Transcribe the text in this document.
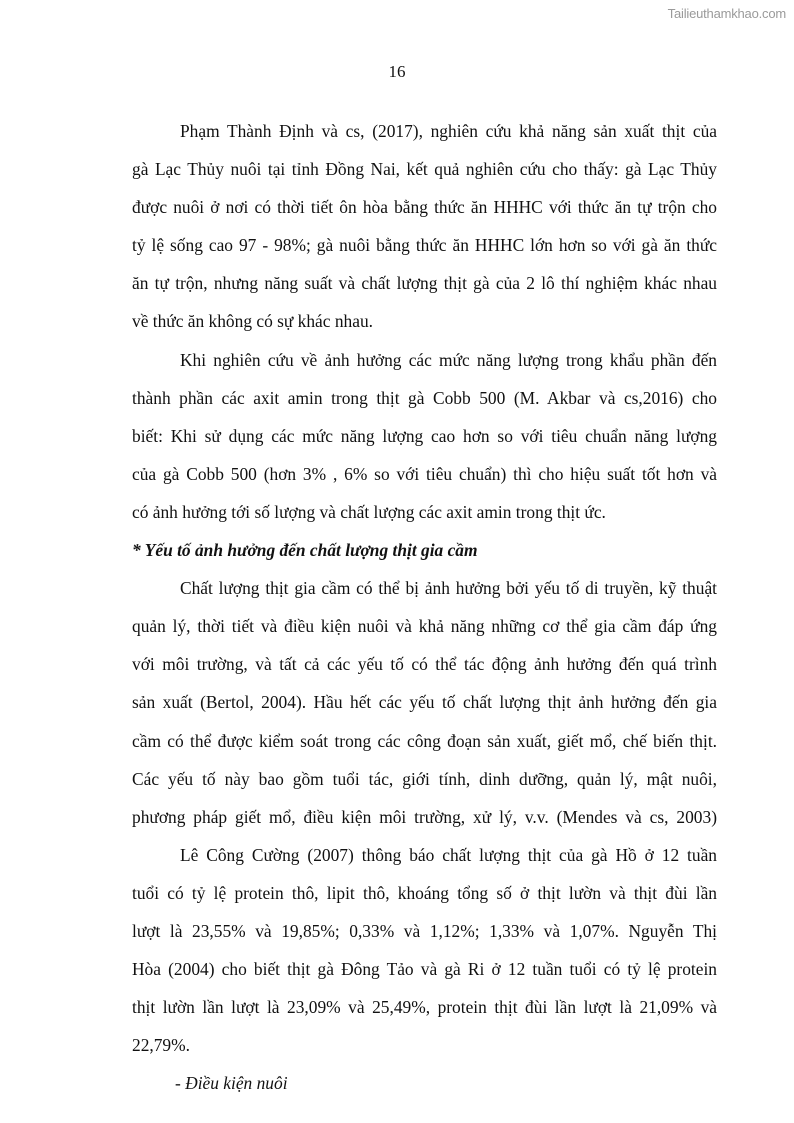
Tailieuthamkhao.com
16
Phạm Thành Định và cs, (2017), nghiên cứu khả năng sản xuất thịt của
gà Lạc Thủy nuôi tại tỉnh Đồng Nai, kết quả nghiên cứu cho thấy: gà Lạc Thủy
được nuôi ở nơi có thời tiết ôn hòa bằng thức ăn HHHC với thức ăn tự trộn cho
tỷ lệ sống cao 97 - 98%; gà nuôi bằng thức ăn HHHC lớn hơn so với gà ăn thức
ăn tự trộn, nhưng năng suất và chất lượng thịt gà của 2 lô thí nghiệm khác nhau
về thức ăn không có sự khác nhau.
Khi nghiên cứu về ảnh hưởng các mức năng lượng trong khẩu phần đến
thành phần các axit amin trong thịt gà Cobb 500 (M. Akbar và cs,2016) cho
biết: Khi sử dụng các mức năng lượng cao hơn so với tiêu chuẩn năng lượng
của gà Cobb 500 (hơn 3% , 6% so với tiêu chuẩn) thì cho hiệu suất tốt hơn và
có ảnh hưởng tới số lượng và chất lượng các axit amin trong thịt ức.
* Yếu tố ảnh hưởng đến chất lượng thịt gia cầm
Chất lượng thịt gia cầm có thể bị ảnh hưởng bởi yếu tố di truyền, kỹ thuật
quản lý, thời tiết và điều kiện nuôi và khả năng những cơ thể gia cầm đáp ứng
với môi trường, và tất cả các yếu tố có thể tác động ảnh hưởng đến quá trình
sản xuất (Bertol, 2004). Hầu hết các yếu tố chất lượng thịt ảnh hưởng đến gia
cầm có thể được kiểm soát trong các công đoạn sản xuất, giết mổ, chế biến thịt.
Các yếu tố này bao gồm tuổi tác, giới tính, dinh dưỡng, quản lý, mật nuôi,
phương pháp giết mổ, điều kiện môi trường, xử lý, v.v. (Mendes và cs, 2003)
Lê Công Cường (2007) thông báo chất lượng thịt của gà Hồ ở 12 tuần
tuổi có tỷ lệ protein thô, lipit thô, khoáng tổng số ở thịt lườn và thịt đùi lần
lượt là 23,55% và 19,85%; 0,33% và 1,12%; 1,33% và 1,07%. Nguyễn Thị
Hòa (2004) cho biết thịt gà Đông Tảo và gà Ri ở 12 tuần tuổi có tỷ lệ protein
thịt lườn lần lượt là 23,09% và 25,49%, protein thịt đùi lần lượt là 21,09% và
22,79%.
- Điều kiện nuôi
